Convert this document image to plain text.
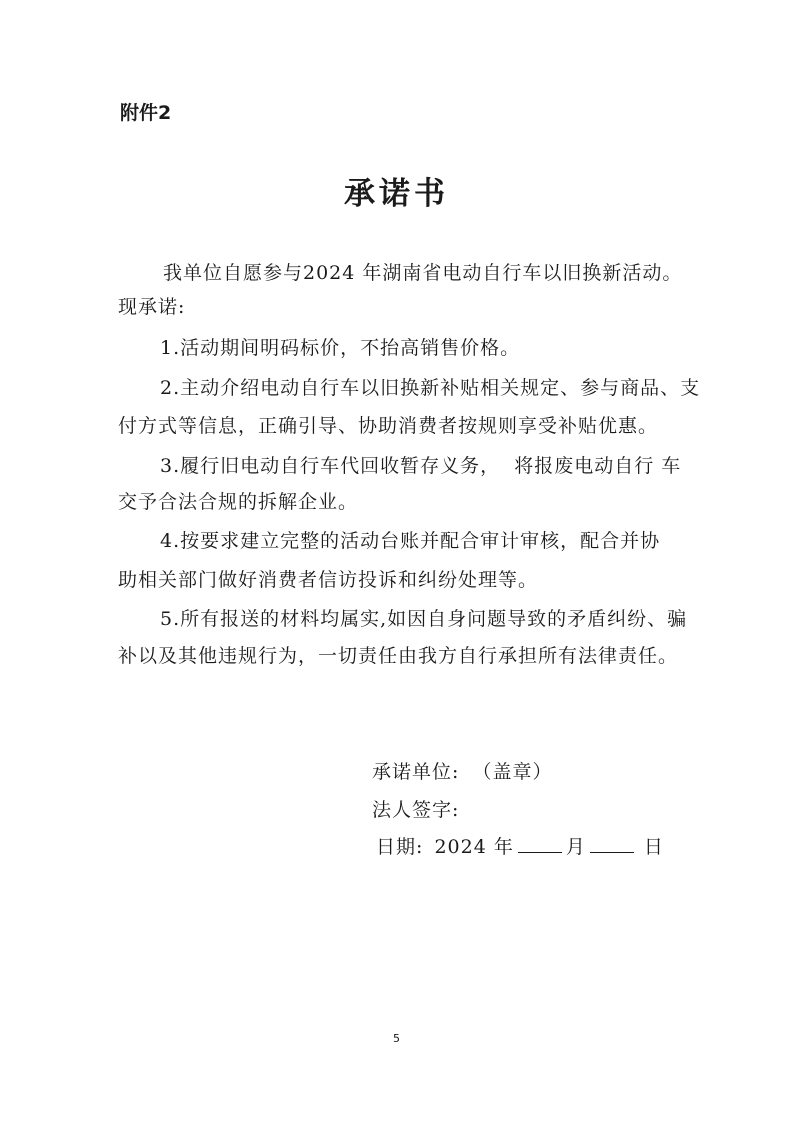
附件2
承诺书
我单位自愿参与2024 年湖南省电动自行车以旧换新活动。
现承诺:
1.活动期间明码标价，不抬高销售价格。
2.主动介绍电动自行车以旧换新补贴相关规定、参与商品、支
付方式等信息，正确引导、协助消费者按规则享受补贴优惠。
3.履行旧电动自行车代回收暂存义务，  将报废电动自行 车
交予合法合规的拆解企业。
4.按要求建立完整的活动台账并配合审计审核，配合并协
助相关部门做好消费者信访投诉和纠纷处理等。
5.所有报送的材料均属实,如因自身问题导致的矛盾纠纷、骗
补以及其他违规行为，一切责任由我方自行承担所有法律责任。
承诺单位: （盖章）
法人签字:
日期: 2024 年	月	日
5
